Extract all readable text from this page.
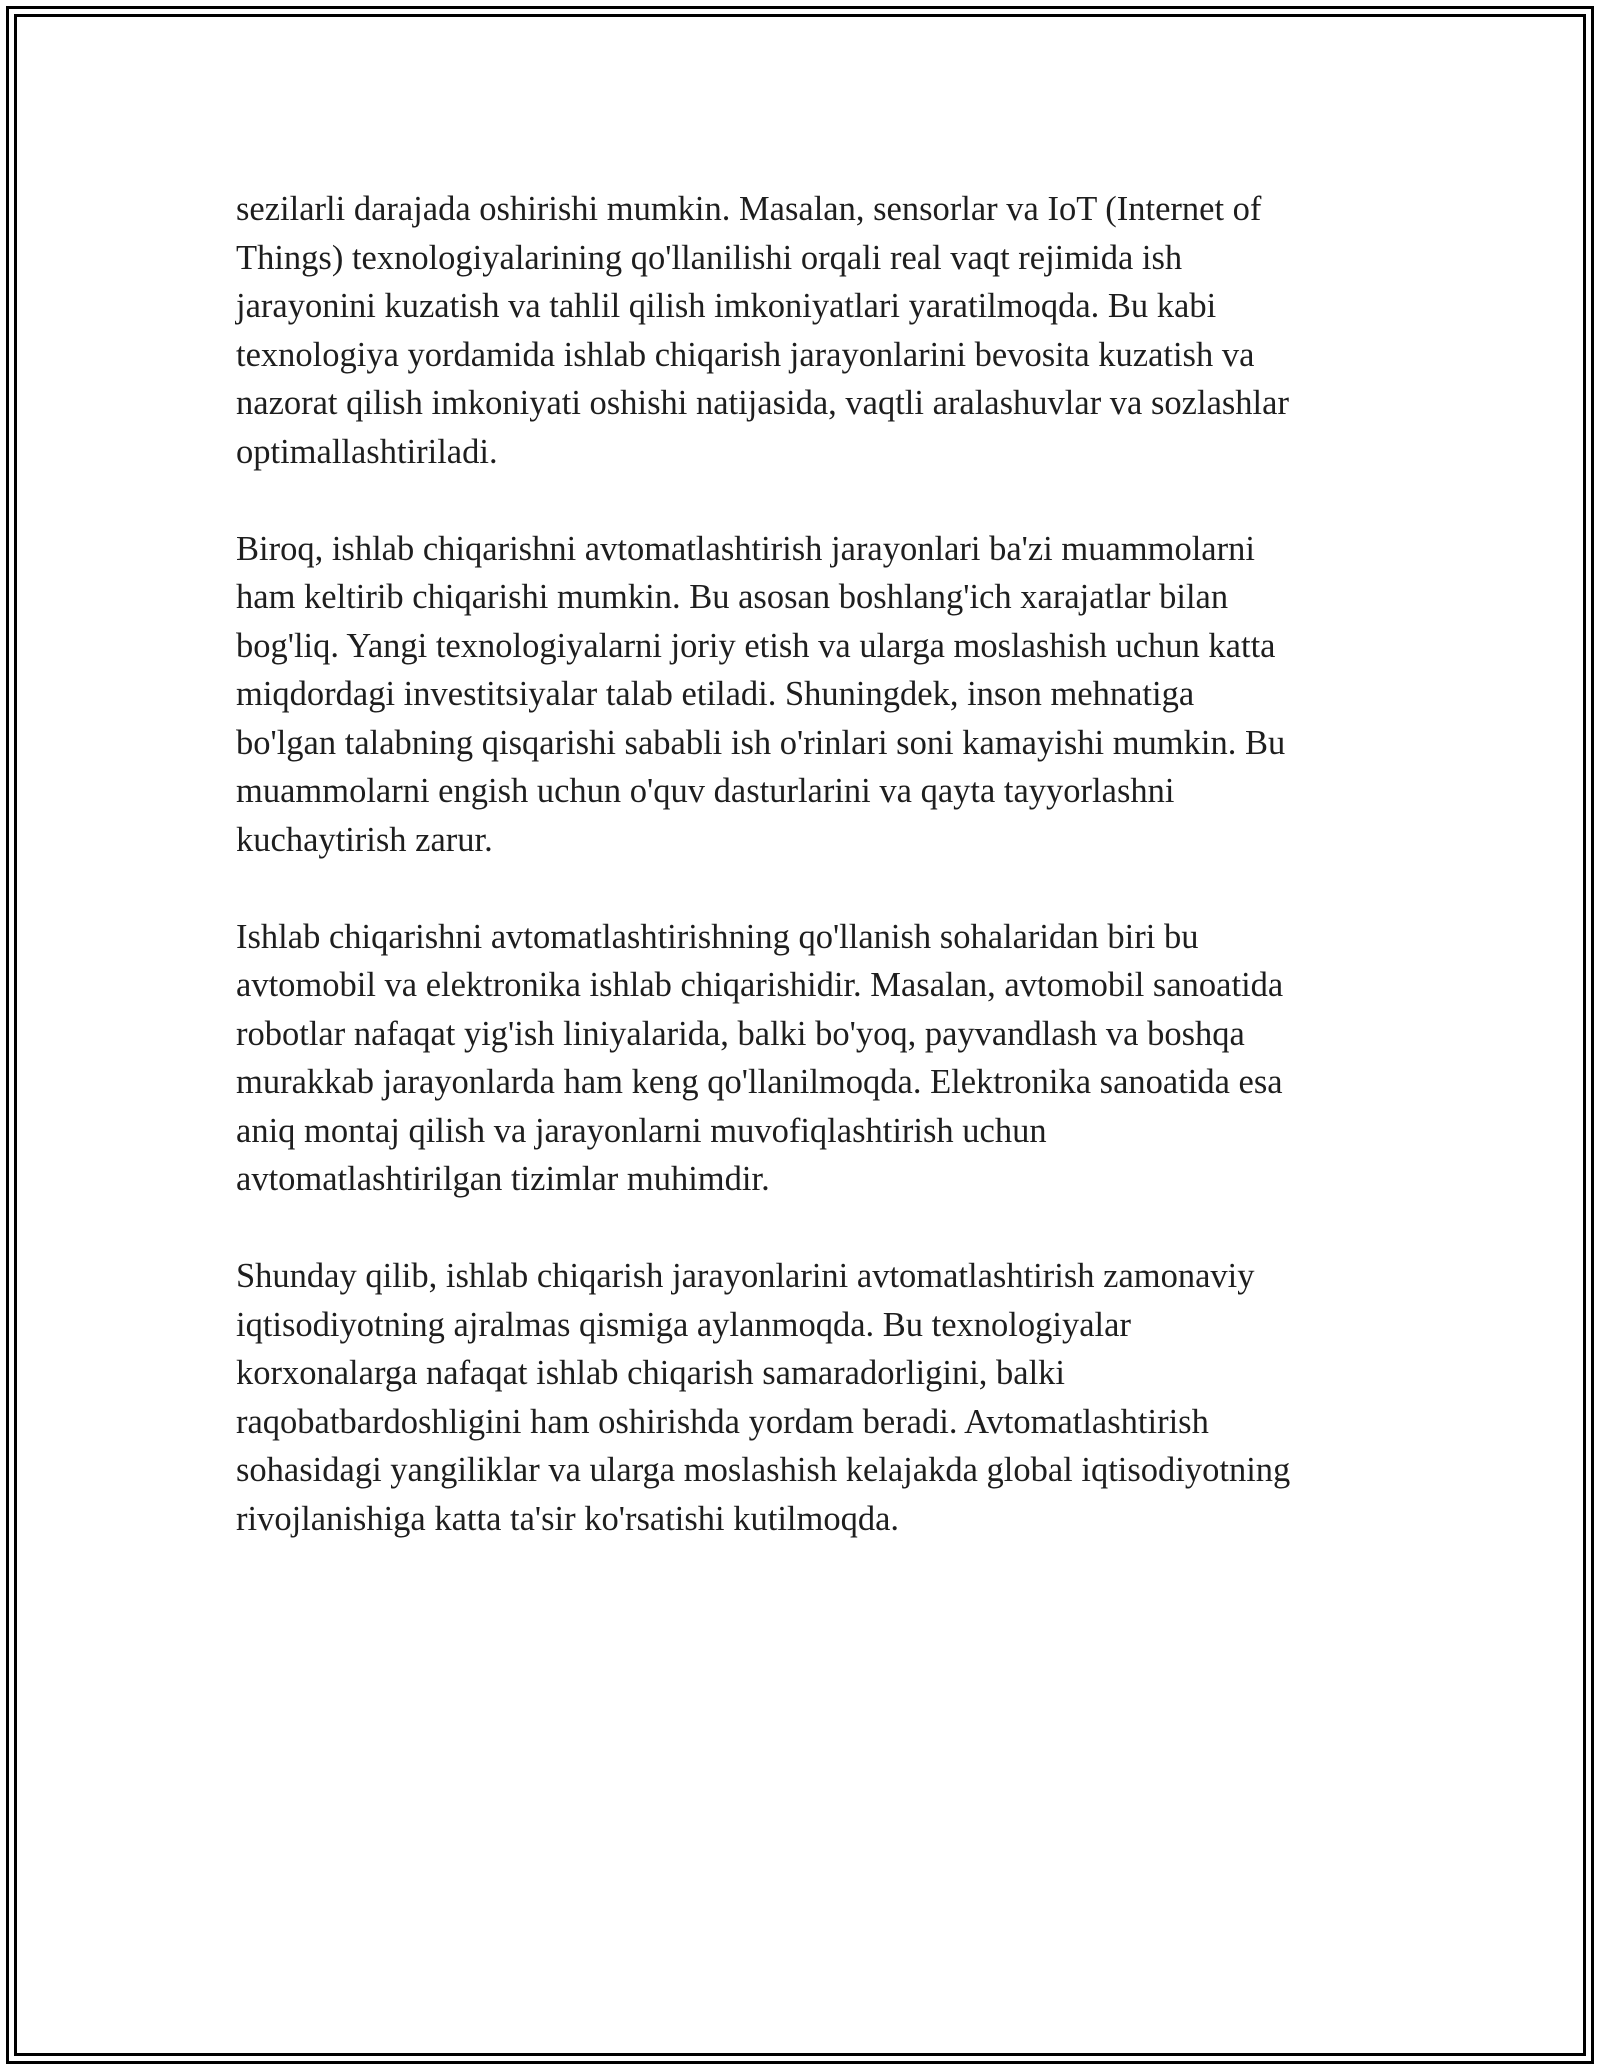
sezilarli darajada oshirishi mumkin. Masalan, sensorlar va IoT (Internet of
Things) texnologiyalarining qo'llanilishi orqali real vaqt rejimida ish
jarayonini kuzatish va tahlil qilish imkoniyatlari yaratilmoqda. Bu kabi
texnologiya yordamida ishlab chiqarish jarayonlarini bevosita kuzatish va
nazorat qilish imkoniyati oshishi natijasida, vaqtli aralashuvlar va sozlashlar
optimallashtiriladi.

Biroq, ishlab chiqarishni avtomatlashtirish jarayonlari ba'zi muammolarni
ham keltirib chiqarishi mumkin. Bu asosan boshlang'ich xarajatlar bilan
bog'liq. Yangi texnologiyalarni joriy etish va ularga moslashish uchun katta
miqdordagi investitsiyalar talab etiladi. Shuningdek, inson mehnatiga
bo'lgan talabning qisqarishi sababli ish o'rinlari soni kamayishi mumkin. Bu
muammolarni engish uchun o'quv dasturlarini va qayta tayyorlashni
kuchaytirish zarur.

Ishlab chiqarishni avtomatlashtirishning qo'llanish sohalaridan biri bu
avtomobil va elektronika ishlab chiqarishidir. Masalan, avtomobil sanoatida
robotlar nafaqat yig'ish liniyalarida, balki bo'yoq, payvandlash va boshqa
murakkab jarayonlarda ham keng qo'llanilmoqda. Elektronika sanoatida esa
aniq montaj qilish va jarayonlarni muvofiqlashtirish uchun
avtomatlashtirilgan tizimlar muhimdir.

Shunday qilib, ishlab chiqarish jarayonlarini avtomatlashtirish zamonaviy
iqtisodiyotning ajralmas qismiga aylanmoqda. Bu texnologiyalar
korxonalarga nafaqat ishlab chiqarish samaradorligini, balki
raqobatbardoshligini ham oshirishda yordam beradi. Avtomatlashtirish
sohasidagi yangiliklar va ularga moslashish kelajakda global iqtisodiyotning
rivojlanishiga katta ta'sir ko'rsatishi kutilmoqda.
